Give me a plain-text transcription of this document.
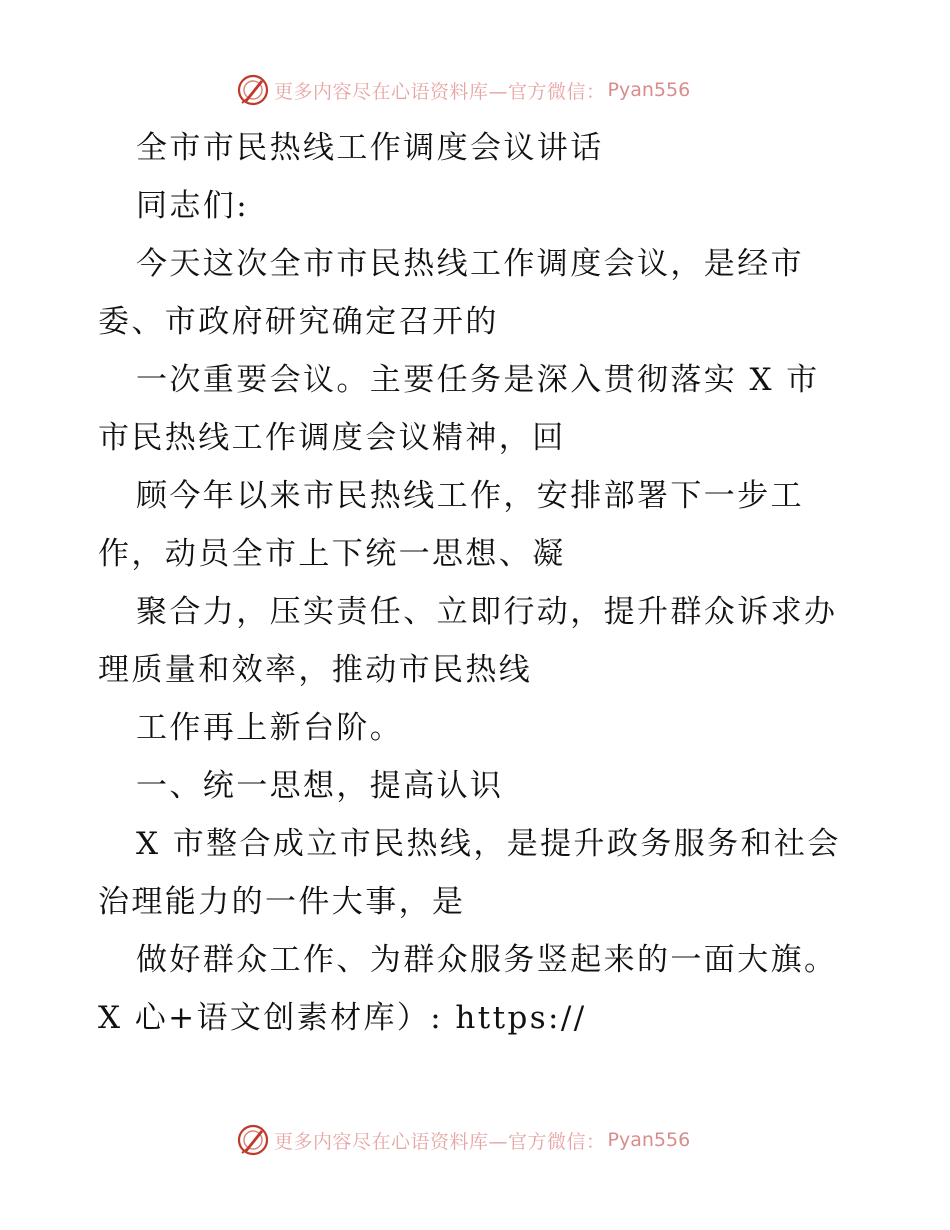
更多内容尽在心语资料库—官方微信： Pyan556

全市市民热线工作调度会议讲话

同志们:

今天这次全市市民热线工作调度会议，是经市

委、市政府研究确定召开的

一次重要会议。主要任务是深入贯彻落实 X 市

市民热线工作调度会议精神，回

顾今年以来市民热线工作，安排部署下一步工

作，动员全市上下统一思想、凝

聚合力，压实责任、立即行动，提升群众诉求办

理质量和效率，推动市民热线

工作再上新台阶。

一、统一思想，提高认识

X 市整合成立市民热线，是提升政务服务和社会

治理能力的一件大事，是

做好群众工作、为群众服务竖起来的一面大旗。

X 心+语文创素材库）: https://

更多内容尽在心语资料库—官方微信： Pyan556
